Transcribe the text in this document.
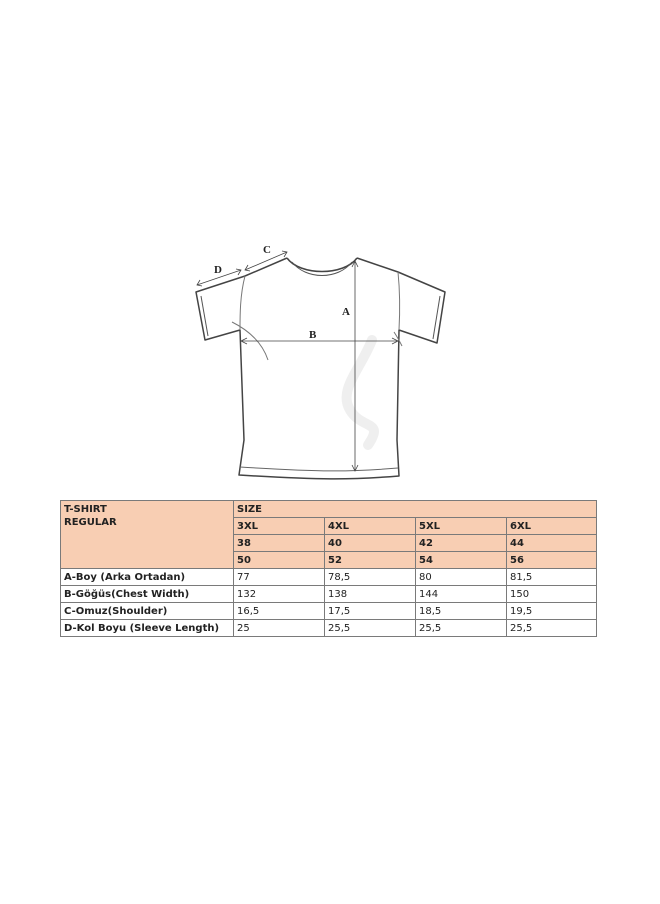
A
B
C
D
T-SHIRT
REGULAR	SIZE			
	3XL	4XL	5XL	6XL
	38	40	42	44
	50	52	54	56
A-Boy (Arka Ortadan)	77	78,5	80	81,5
B-Göğüs(Chest Width)	132	138	144	150
C-Omuz(Shoulder)	16,5	17,5	18,5	19,5
D-Kol Boyu (Sleeve Length)	25	25,5	25,5	25,5
